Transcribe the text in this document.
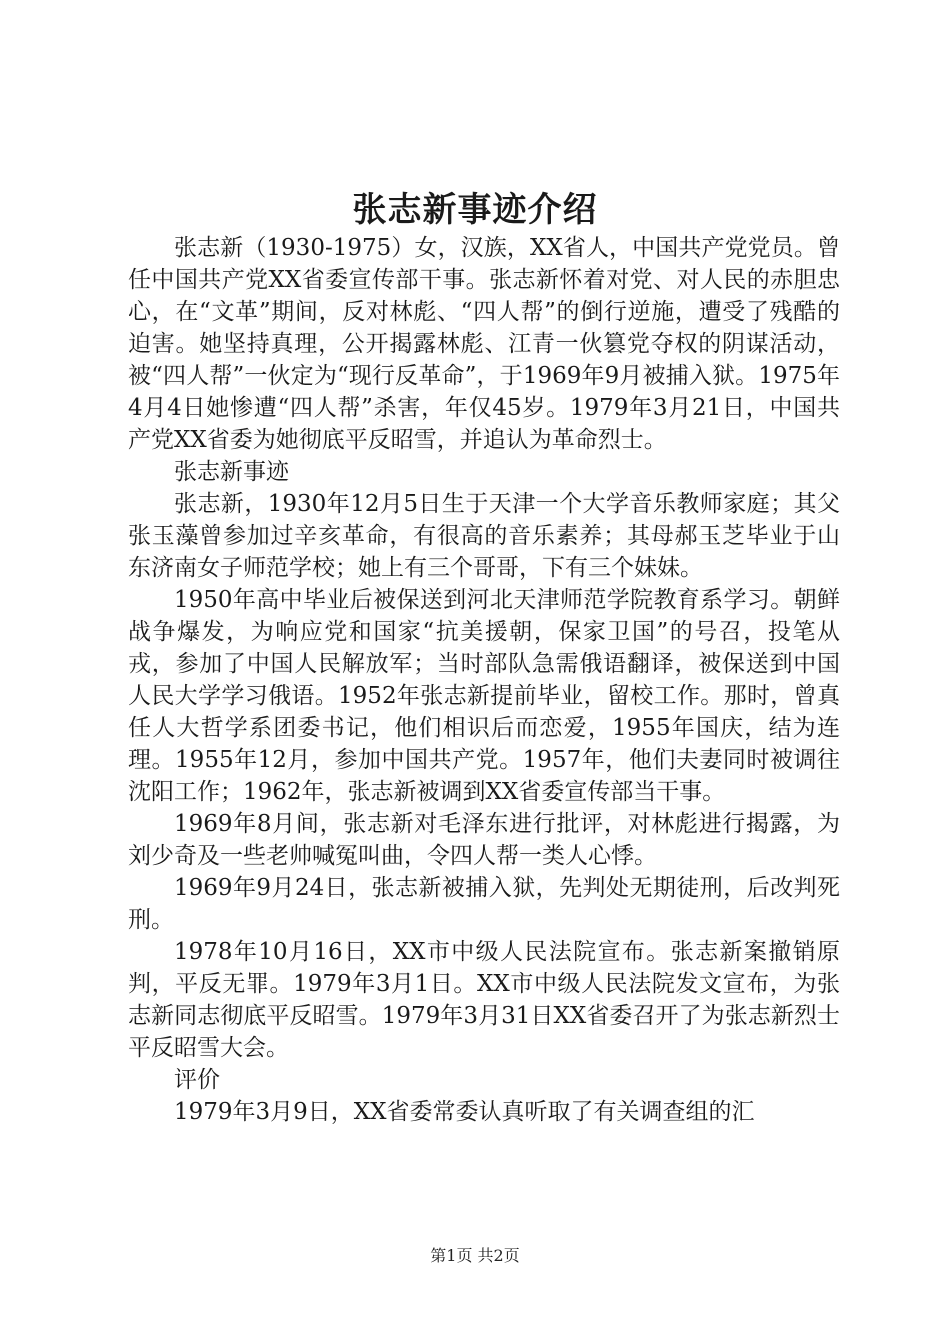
张志新事迹介绍

张志新（1930-1975）女，汉族，XX省人，中国共产党党员。曾任中国共产党XX省委宣传部干事。张志新怀着对党、对人民的赤胆忠心，在“文革”期间，反对林彪、“四人帮”的倒行逆施，遭受了残酷的迫害。她坚持真理，公开揭露林彪、江青一伙篡党夺权的阴谋活动，被“四人帮”一伙定为“现行反革命”，于1969年9月被捕入狱。1975年4月4日她惨遭“四人帮”杀害，年仅45岁。1979年3月21日，中国共产党XX省委为她彻底平反昭雪，并追认为革命烈士。

张志新事迹

张志新，1930年12月5日生于天津一个大学音乐教师家庭；其父张玉藻曾参加过辛亥革命，有很高的音乐素养；其母郝玉芝毕业于山东济南女子师范学校；她上有三个哥哥，下有三个妹妹。

1950年高中毕业后被保送到河北天津师范学院教育系学习。朝鲜战争爆发，为响应党和国家“抗美援朝，保家卫国”的号召，投笔从戎，参加了中国人民解放军；当时部队急需俄语翻译，被保送到中国人民大学学习俄语。1952年张志新提前毕业，留校工作。那时，曾真任人大哲学系团委书记，他们相识后而恋爱，1955年国庆，结为连理。1955年12月，参加中国共产党。1957年，他们夫妻同时被调往沈阳工作；1962年，张志新被调到XX省委宣传部当干事。

1969年8月间，张志新对毛泽东进行批评，对林彪进行揭露，为刘少奇及一些老帅喊冤叫曲，令四人帮一类人心悸。

1969年9月24日，张志新被捕入狱，先判处无期徒刑，后改判死刑。

1978年10月16日，XX市中级人民法院宣布。张志新案撤销原判，平反无罪。1979年3月1日。XX市中级人民法院发文宣布，为张志新同志彻底平反昭雪。1979年3月31日XX省委召开了为张志新烈士平反昭雪大会。

评价

1979年3月9日，XX省委常委认真听取了有关调查组的汇

第1页 共2页
